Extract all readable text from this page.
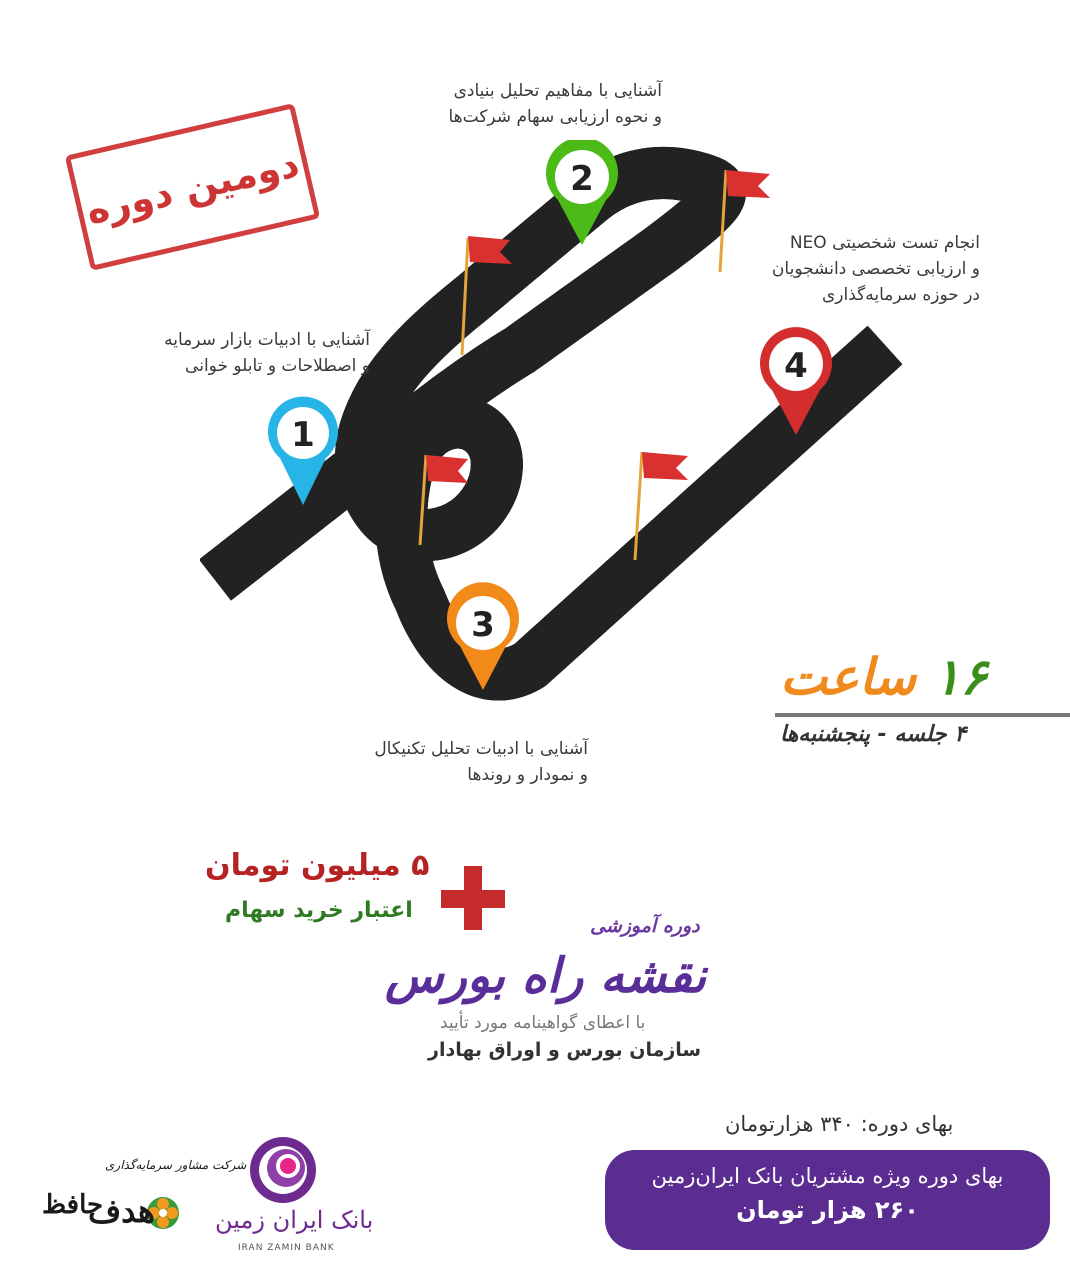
دومین دوره
1
2
3
4
آشنایی با ادبیات بازار سرمایه
و اصطلاحات و تابلو خوانی
آشنایی با مفاهیم تحلیل بنیادی
و نحوه ارزیابی سهام شرکت‌ها
آشنایی با ادبیات تحلیل تکنیکال
و نمودار و روندها
انجام تست شخصیتی NEO
و ارزیابی تخصصی دانشجویان
در حوزه سرمایه‌گذاری
۱۶ ساعت
۴ جلسه - پنجشنبه‌ها
۵ میلیون تومان
اعتبار خرید سهام
دوره آموزشی
نقشه راه بورس
با اعطای گواهینامه مورد تأیید
سازمان بورس و اوراق بهادار
بهای دوره: ۳۴۰ هزارتومان
بهای دوره ویژه مشتریان بانک ایران‌زمین
۲۶۰ هزار تومان
بانک ایران زمین
IRAN ZAMIN BANK
شرکت مشاور سرمایه‌گذاری
هدف
حافظ
